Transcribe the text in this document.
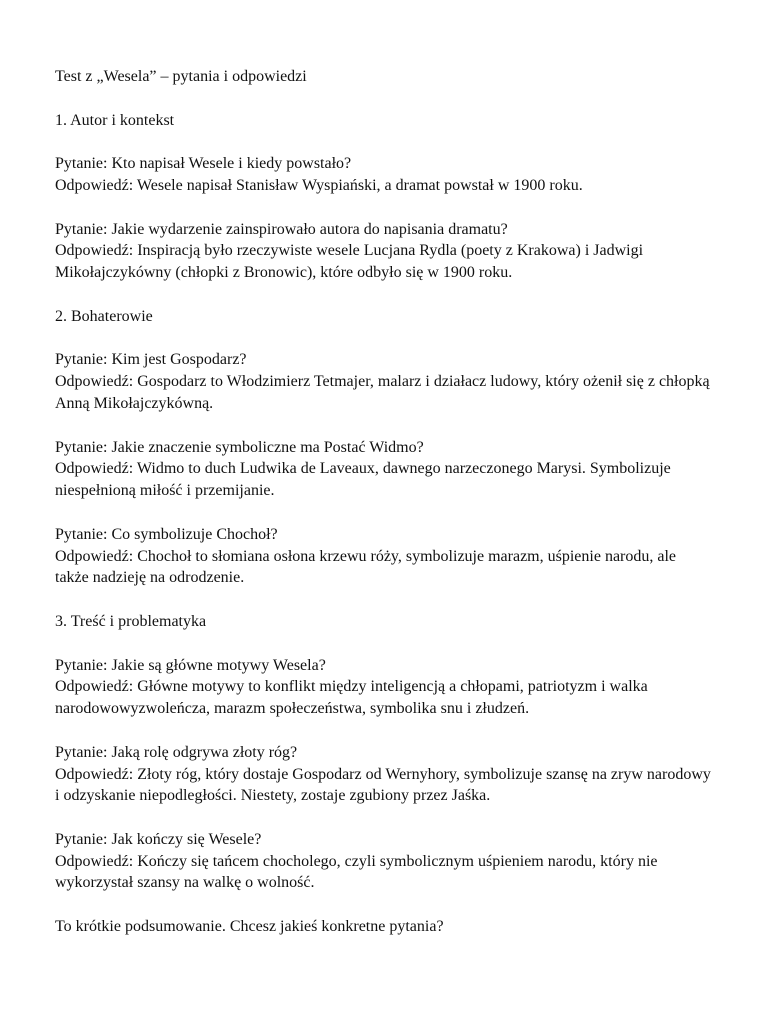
Test z „Wesela” – pytania i odpowiedzi

1. Autor i kontekst

Pytanie: Kto napisał Wesele i kiedy powstało?
Odpowiedź: Wesele napisał Stanisław Wyspiański, a dramat powstał w 1900 roku.
Pytanie: Jakie wydarzenie zainspirowało autora do napisania dramatu?
Odpowiedź: Inspiracją było rzeczywiste wesele Lucjana Rydla (poety z Krakowa) i Jadwigi
Mikołajczykówny (chłopki z Bronowic), które odbyło się w 1900 roku.

2. Bohaterowie

Pytanie: Kim jest Gospodarz?
Odpowiedź: Gospodarz to Włodzimierz Tetmajer, malarz i działacz ludowy, który ożenił się z chłopką
Anną Mikołajczykówną.
Pytanie: Jakie znaczenie symboliczne ma Postać Widmo?
Odpowiedź: Widmo to duch Ludwika de Laveaux, dawnego narzeczonego Marysi. Symbolizuje
niespełnioną miłość i przemijanie.
Pytanie: Co symbolizuje Chochoł?
Odpowiedź: Chochoł to słomiana osłona krzewu róży, symbolizuje marazm, uśpienie narodu, ale
także nadzieję na odrodzenie.

3. Treść i problematyka

Pytanie: Jakie są główne motywy Wesela?
Odpowiedź: Główne motywy to konflikt między inteligencją a chłopami, patriotyzm i walka
narodowowyzwoleńcza, marazm społeczeństwa, symbolika snu i złudzeń.
Pytanie: Jaką rolę odgrywa złoty róg?
Odpowiedź: Złoty róg, który dostaje Gospodarz od Wernyhory, symbolizuje szansę na zryw narodowy
i odzyskanie niepodległości. Niestety, zostaje zgubiony przez Jaśka.
Pytanie: Jak kończy się Wesele?
Odpowiedź: Kończy się tańcem chocholego, czyli symbolicznym uśpieniem narodu, który nie
wykorzystał szansy na walkę o wolność.

To krótkie podsumowanie. Chcesz jakieś konkretne pytania?
